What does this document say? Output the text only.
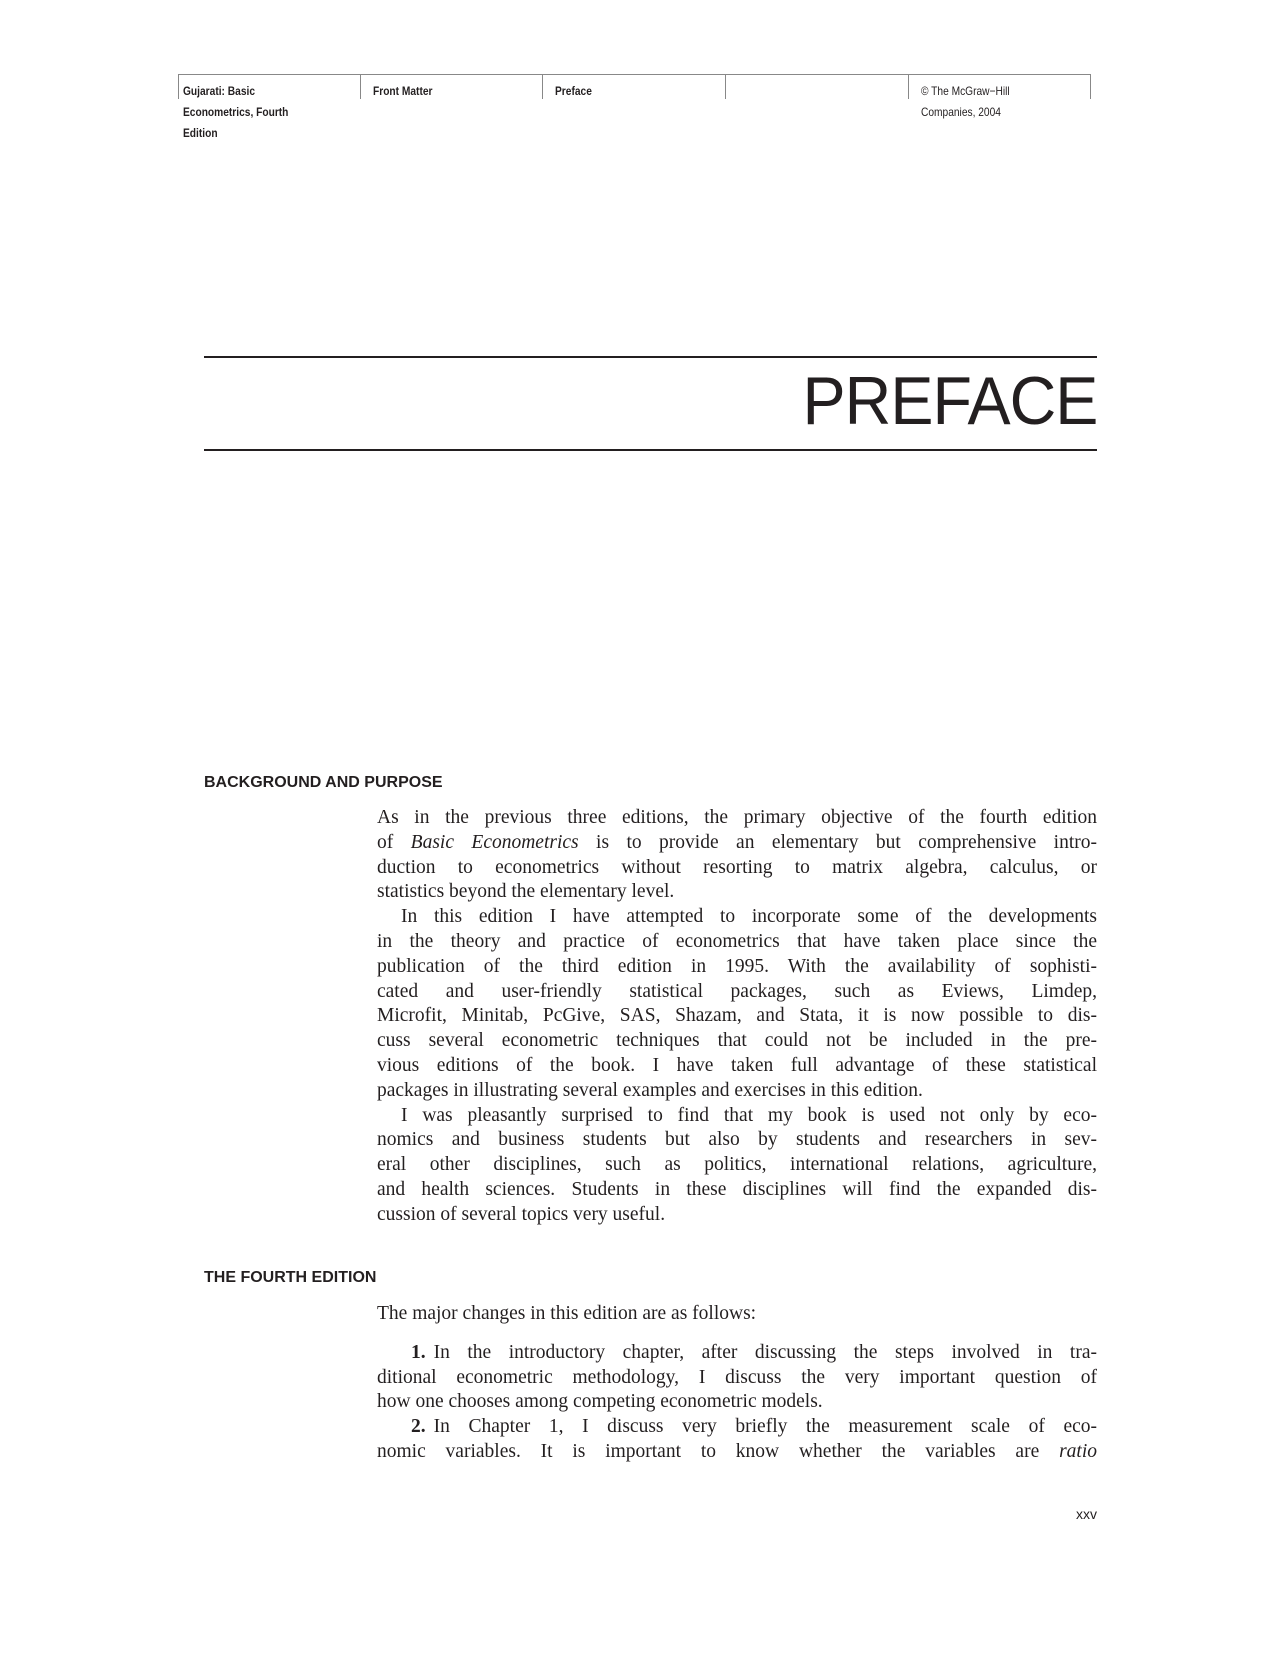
Gujarati: Basic
Econometrics, Fourth
Edition
Front Matter	Preface	© The McGraw−Hill
Companies, 2004
PREFACE
BACKGROUND AND PURPOSE
As in the previous three editions, the primary objective of the fourth edition
of Basic Econometrics is to provide an elementary but comprehensive intro-
duction to econometrics without resorting to matrix algebra, calculus, or
statistics beyond the elementary level.
In this edition I have attempted to incorporate some of the developments
in the theory and practice of econometrics that have taken place since the
publication of the third edition in 1995. With the availability of sophisti-
cated and user-friendly statistical packages, such as Eviews, Limdep,
Microfit, Minitab, PcGive, SAS, Shazam, and Stata, it is now possible to dis-
cuss several econometric techniques that could not be included in the pre-
vious editions of the book. I have taken full advantage of these statistical
packages in illustrating several examples and exercises in this edition.
I was pleasantly surprised to find that my book is used not only by eco-
nomics and business students but also by students and researchers in sev-
eral other disciplines, such as politics, international relations, agriculture,
and health sciences. Students in these disciplines will find the expanded dis-
cussion of several topics very useful.
THE FOURTH EDITION
The major changes in this edition are as follows:
1. In the introductory chapter, after discussing the steps involved in tra-
ditional econometric methodology, I discuss the very important question of
how one chooses among competing econometric models.
2. In Chapter 1, I discuss very briefly the measurement scale of eco-
nomic variables. It is important to know whether the variables are ratio
xxv
